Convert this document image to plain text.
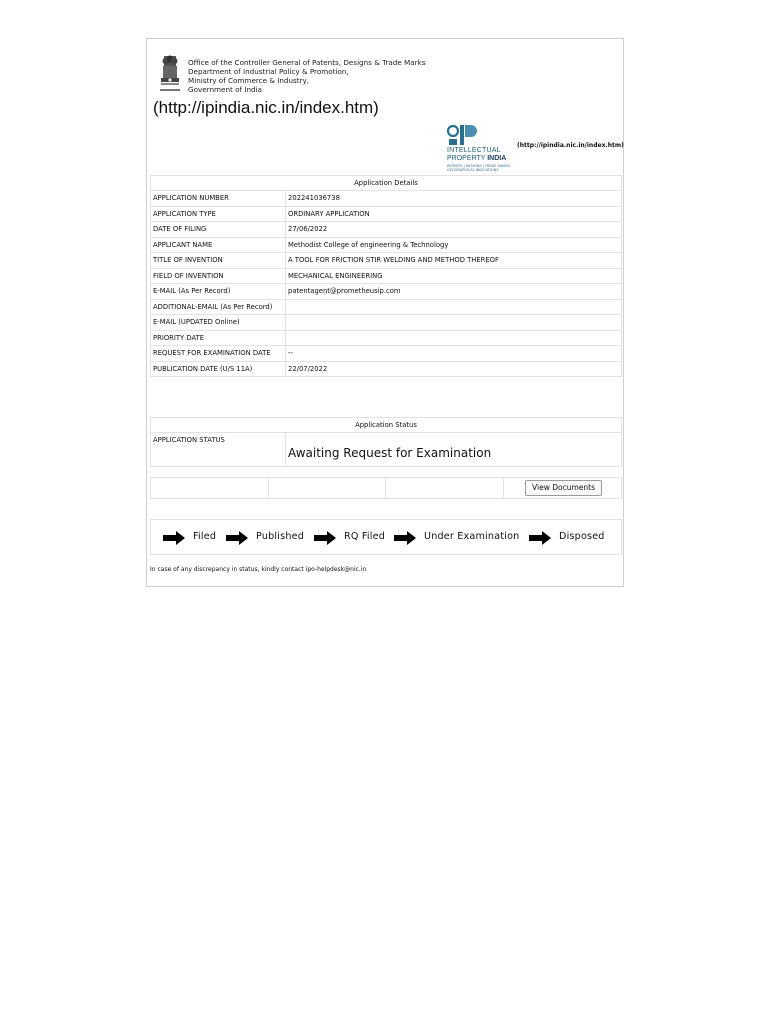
Office of the Controller General of Patents, Designs & Trade Marks
Department of Industrial Policy & Promotion,
Ministry of Commerce & Industry,
Government of India
(http://ipindia.nic.in/index.htm)
INTELLECTUAL
PROPERTY INDIA
PATENTS | DESIGNS | TRADE MARKS GEOGRAPHICAL INDICATIONS
(http://ipindia.nic.in/index.htm)
Application Details	
APPLICATION NUMBER	202241036738
APPLICATION TYPE	ORDINARY APPLICATION
DATE OF FILING	27/06/2022
APPLICANT NAME	Methodist College of engineering & Technology
TITLE OF INVENTION	A TOOL FOR FRICTION STIR WELDING AND METHOD THEREOF
FIELD OF INVENTION	MECHANICAL ENGINEERING
E-MAIL (As Per Record)	patentagent@prometheusip.com
ADDITIONAL-EMAIL (As Per Record)	
E-MAIL (UPDATED Online)	
PRIORITY DATE	
REQUEST FOR EXAMINATION DATE	--
PUBLICATION DATE (U/S 11A)	22/07/2022
Application Status
APPLICATION STATUS	Awaiting Request for Examination
View Documents
Filed	Published	RQ Filed	Under Examination	Disposed
In case of any discrepancy in status, kindly contact ipo-helpdesk@nic.in
